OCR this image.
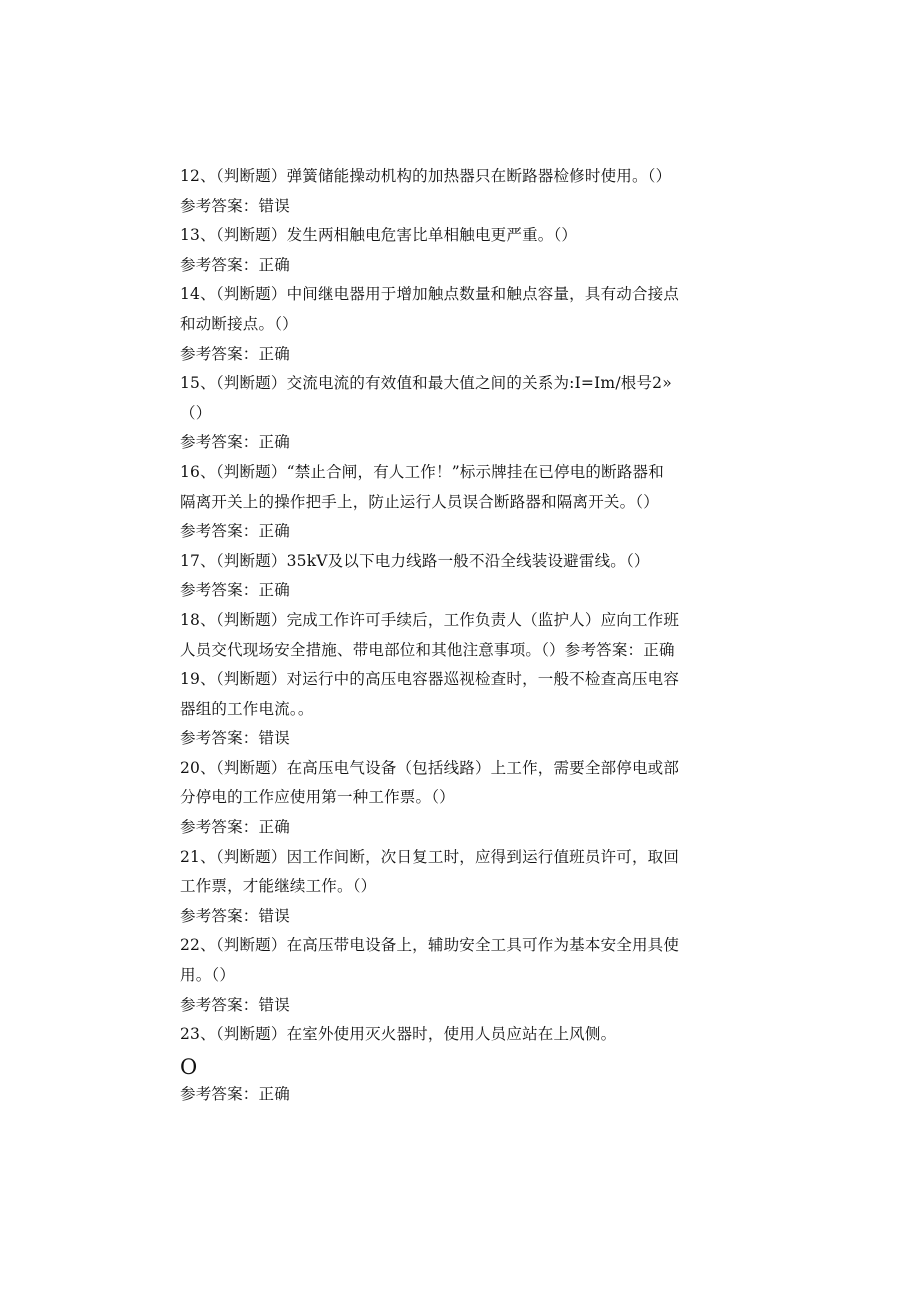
12、（判断题）弹簧储能操动机构的加热器只在断路器检修时使用。（）
参考答案：错误
13、（判断题）发生两相触电危害比单相触电更严重。（）
参考答案：正确
14、（判断题）中间继电器用于增加触点数量和触点容量，具有动合接点
和动断接点。（）
参考答案：正确
15、（判断题）交流电流的有效值和最大值之间的关系为:I=Im/根号2»
（）
参考答案：正确
16、（判断题）“禁止合闸，有人工作！”标示牌挂在已停电的断路器和
隔离开关上的操作把手上，防止运行人员误合断路器和隔离开关。（）
参考答案：正确
17、（判断题）35kV及以下电力线路一般不沿全线装设避雷线。（）
参考答案：正确
18、（判断题）完成工作许可手续后，工作负责人（监护人）应向工作班
人员交代现场安全措施、带电部位和其他注意事项。（）参考答案：正确
19、（判断题）对运行中的高压电容器巡视检查时，一般不检查高压电容
器组的工作电流。。
参考答案：错误
20、（判断题）在高压电气设备（包括线路）上工作，需要全部停电或部
分停电的工作应使用第一种工作票。（）
参考答案：正确
21、（判断题）因工作间断，次日复工时，应得到运行值班员许可，取回
工作票，才能继续工作。（）
参考答案：错误
22、（判断题）在高压带电设备上，辅助安全工具可作为基本安全用具使
用。（）
参考答案：错误
23、（判断题）在室外使用灭火器时，使用人员应站在上风侧。
O
参考答案：正确
